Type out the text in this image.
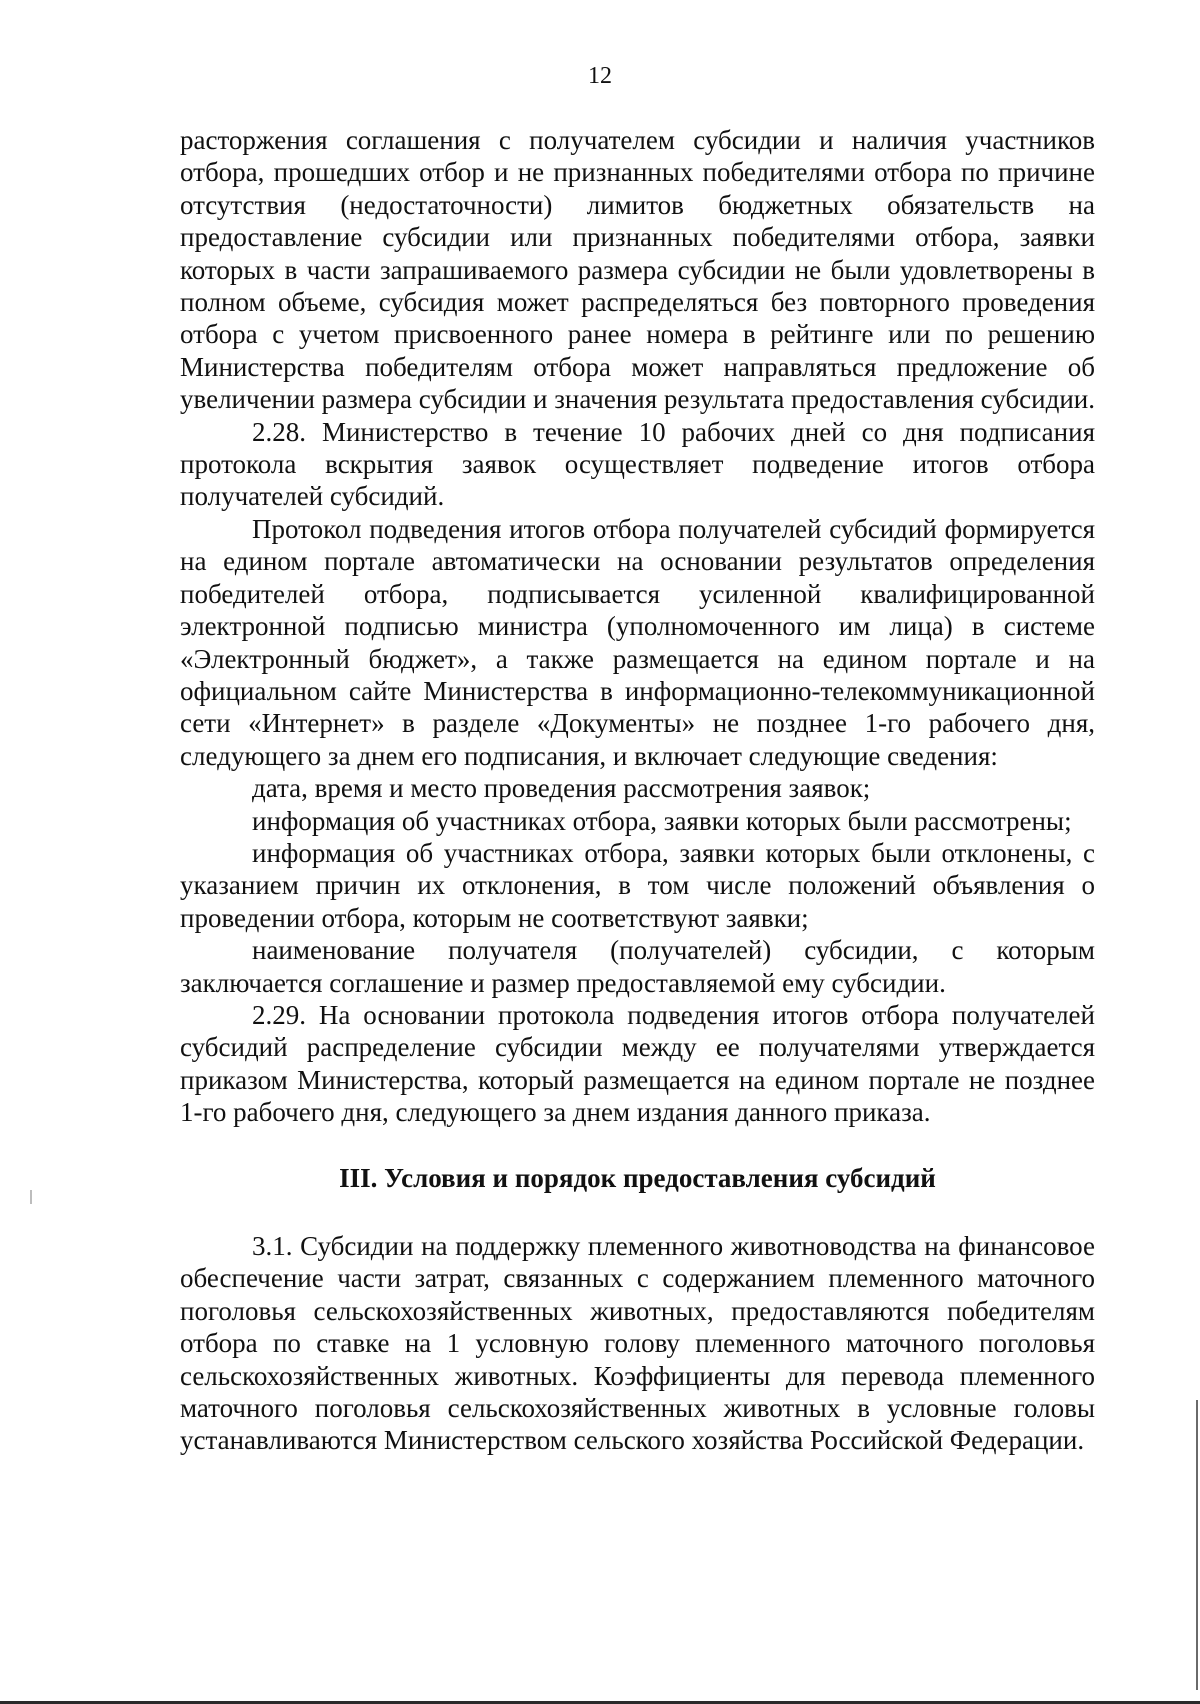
12

расторжения соглашения с получателем субсидии и наличия участников отбора, прошедших отбор и не признанных победителями отбора по причине отсутствия (недостаточности) лимитов бюджетных обязательств на предоставление субсидии или признанных победителями отбора, заявки которых в части запрашиваемого размера субсидии не были удовлетворены в полном объеме, субсидия может распределяться без повторного проведения отбора с учетом присвоенного ранее номера в рейтинге или по решению Министерства победителям отбора может направляться предложение об увеличении размера субсидии и значения результата предоставления субсидии.

2.28. Министерство в течение 10 рабочих дней со дня подписания протокола вскрытия заявок осуществляет подведение итогов отбора получателей субсидий.

Протокол подведения итогов отбора получателей субсидий формируется на едином портале автоматически на основании результатов определения победителей отбора, подписывается усиленной квалифицированной электронной подписью министра (уполномоченного им лица) в системе «Электронный бюджет», а также размещается на едином портале и на официальном сайте Министерства в информационно-телекоммуникационной сети «Интернет» в разделе «Документы» не позднее 1-го рабочего дня, следующего за днем его подписания, и включает следующие сведения:

дата, время и место проведения рассмотрения заявок;

информация об участниках отбора, заявки которых были рассмотрены;

информация об участниках отбора, заявки которых были отклонены, с указанием причин их отклонения, в том числе положений объявления о проведении отбора, которым не соответствуют заявки;

наименование получателя (получателей) субсидии, с которым заключается соглашение и размер предоставляемой ему субсидии.

2.29. На основании протокола подведения итогов отбора получателей субсидий распределение субсидии между ее получателями утверждается приказом Министерства, который размещается на едином портале не позднее 1-го рабочего дня, следующего за днем издания данного приказа.

III. Условия и порядок предоставления субсидий

3.1. Субсидии на поддержку племенного животноводства на финансовое обеспечение части затрат, связанных с содержанием племенного маточного поголовья сельскохозяйственных животных, предоставляются победителям отбора по ставке на 1 условную голову племенного маточного поголовья сельскохозяйственных животных. Коэффициенты для перевода племенного маточного поголовья сельскохозяйственных животных в условные головы устанавливаются Министерством сельского хозяйства Российской Федерации.
